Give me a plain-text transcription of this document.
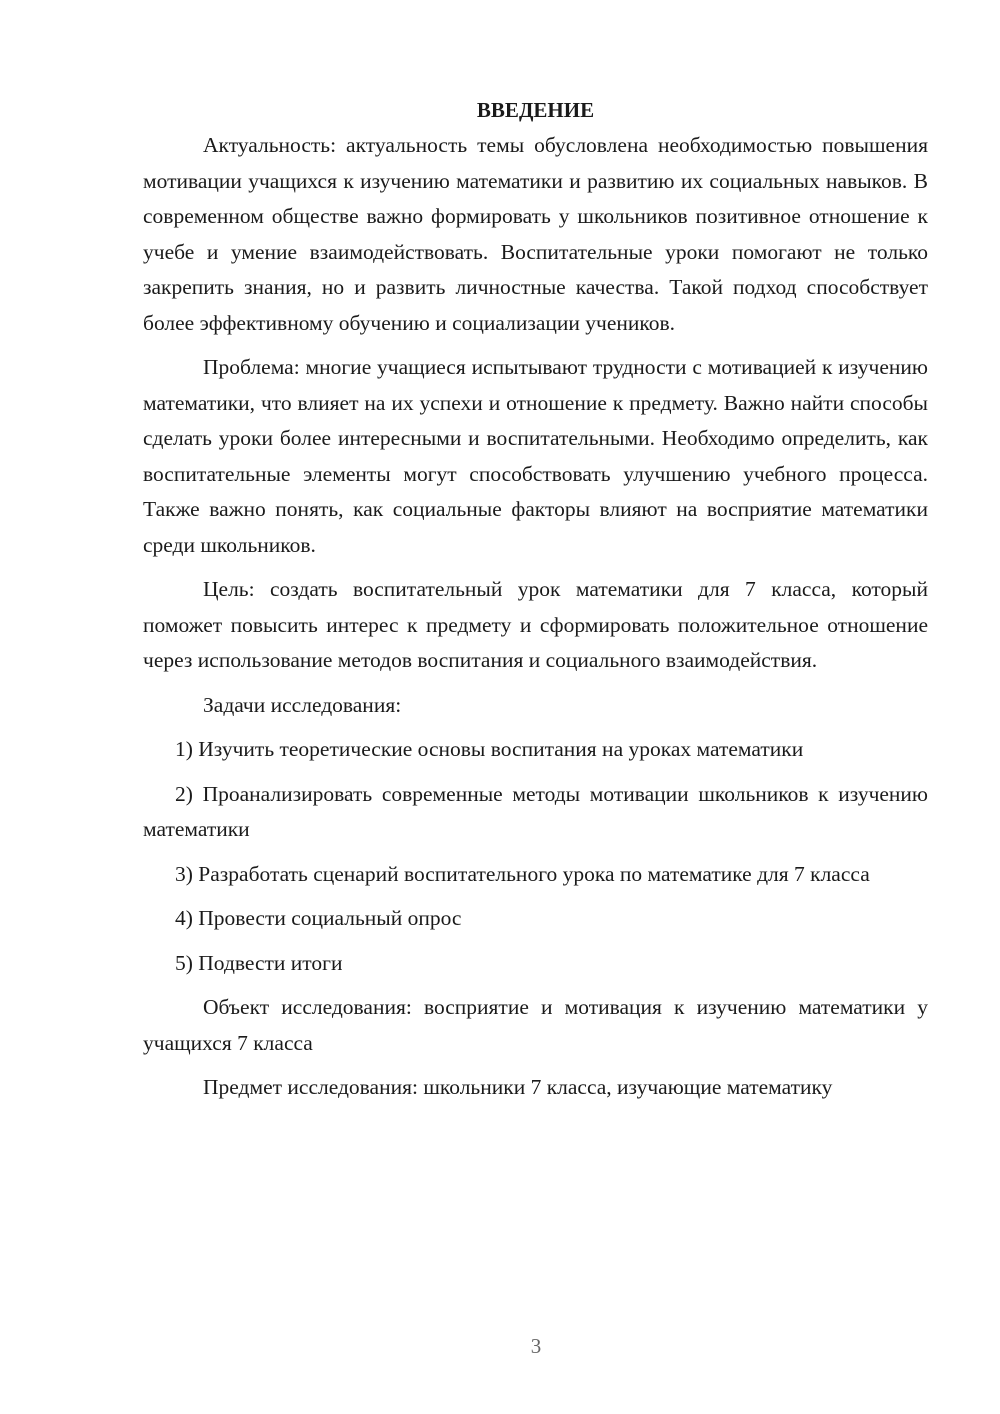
ВВЕДЕНИЕ

Актуальность: актуальность темы обусловлена необходимостью повышения мотивации учащихся к изучению математики и развитию их социальных навыков. В современном обществе важно формировать у школьников позитивное отношение к учебе и умение взаимодействовать. Воспитательные уроки помогают не только закрепить знания, но и развить личностные качества. Такой подход способствует более эффективному обучению и социализации учеников.

Проблема: многие учащиеся испытывают трудности с мотивацией к изучению математики, что влияет на их успехи и отношение к предмету. Важно найти способы сделать уроки более интересными и воспитательными. Необходимо определить, как воспитательные элементы могут способствовать улучшению учебного процесса. Также важно понять, как социальные факторы влияют на восприятие математики среди школьников.

Цель: создать воспитательный урок математики для 7 класса, который поможет повысить интерес к предмету и сформировать положительное отношение через использование методов воспитания и социального взаимодействия.

Задачи исследования:

1) Изучить теоретические основы воспитания на уроках математики

2) Проанализировать современные методы мотивации школьников к изучению математики

3) Разработать сценарий воспитательного урока по математике для 7 класса

4) Провести социальный опрос

5) Подвести итоги

Объект исследования: восприятие и мотивация к изучению математики у учащихся 7 класса

Предмет исследования: школьники 7 класса, изучающие математику

3
